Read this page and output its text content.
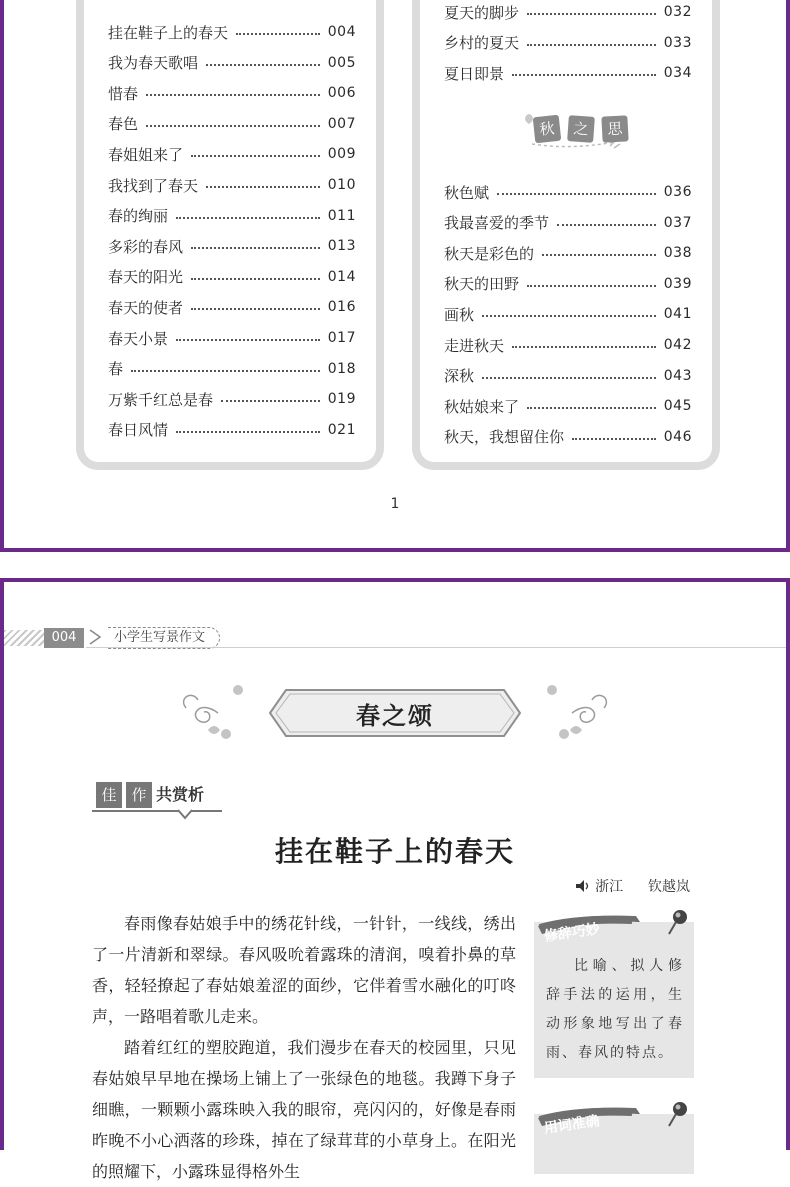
挂在鞋子上的春天	004
我为春天歌唱	005
惜春	006
春色	007
春姐姐来了	009
我找到了春天	010
春的绚丽	011
多彩的春风	013
春天的阳光	014
春天的使者	016
春天小景	017
春	018
万紫千红总是春	019
春日风情	021
夏天的脚步	032
乡村的夏天	033
夏日即景	034
秋	之	思
秋色赋	036
我最喜爱的季节	037
秋天是彩色的	038
秋天的田野	039
画秋	041
走进秋天	042
深秋	043
秋姑娘来了	045
秋天，我想留住你	046
1
004	小学生写景作文
春之颂
佳 作 共赏析
挂在鞋子上的春天
浙江 钦越岚

春雨像春姑娘手中的绣花针线，一针针，一线线，绣出了一片清新和翠绿。春风吸吮着露珠的清润，嗅着扑鼻的草香，轻轻撩起了春姑娘羞涩的面纱，它伴着雪水融化的叮咚声，一路唱着歌儿走来。

踏着红红的塑胶跑道，我们漫步在春天的校园里，只见春姑娘早早地在操场上铺上了一张绿色的地毯。我蹲下身子细瞧，一颗颗小露珠映入我的眼帘，亮闪闪的，好像是春雨昨晚不小心洒落的珍珠，掉在了绿茸茸的小草身上。在阳光的照耀下，小露珠显得格外生

修辞巧妙
比喻、拟人修辞手法的运用，生动形象地写出了春雨、春风的特点。
用词准确
